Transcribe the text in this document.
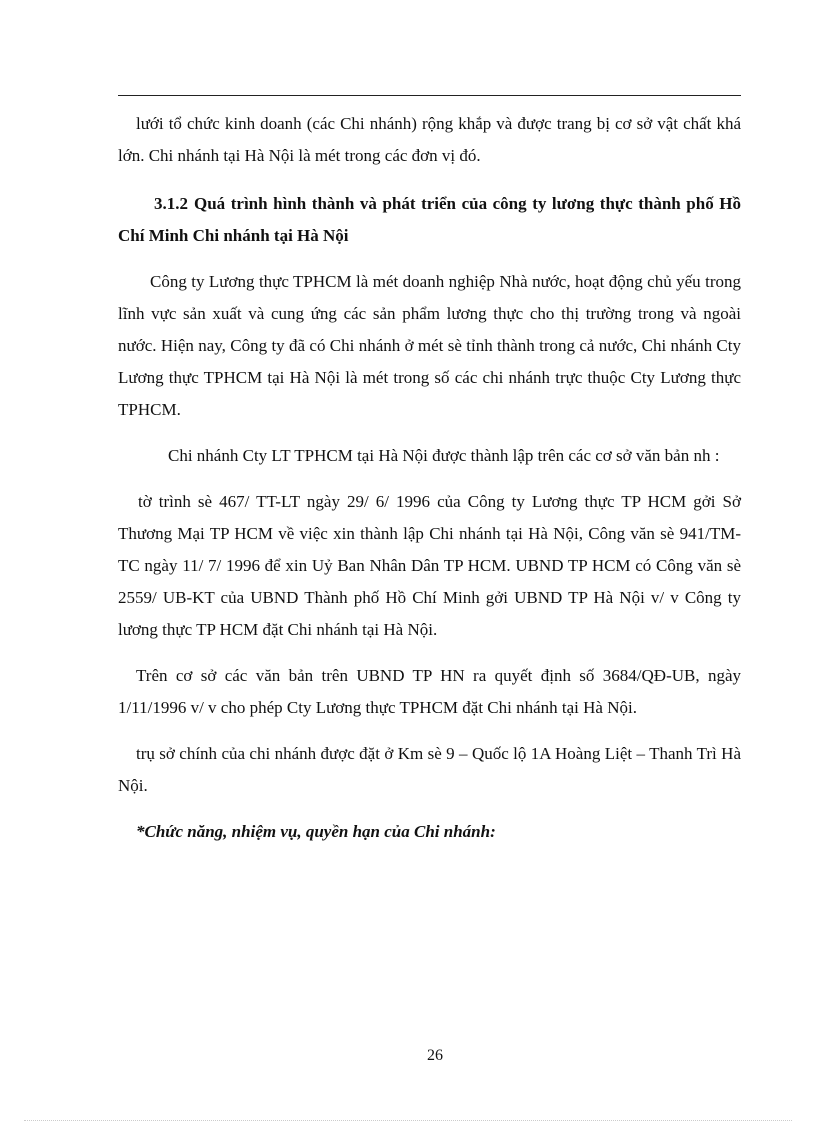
lưới tổ chức kinh doanh (các Chi nhánh) rộng khắp và được trang bị cơ sở vật chất khá lớn. Chi nhánh tại Hà Nội là mét trong các đơn vị đó.

3.1.2 Quá trình hình thành và phát triển của công ty lương thực thành phố Hồ Chí Minh Chi nhánh tại Hà Nội

Công ty Lương thực TPHCM là mét doanh nghiệp Nhà nước, hoạt động chủ yếu trong lĩnh vực sản xuất và cung ứng các sản phẩm lương thực cho thị trường trong và ngoài nước. Hiện nay, Công ty đã có Chi nhánh ở mét sè tỉnh thành trong cả nước, Chi nhánh Cty Lương thực TPHCM tại Hà Nội là mét trong số các chi nhánh trực thuộc Cty Lương thực TPHCM.

Chi nhánh Cty LT TPHCM tại Hà Nội được thành lập trên các cơ sở văn bản nh :

tờ trình sè 467/ TT-LT ngày 29/ 6/ 1996 của Công ty Lương thực TP HCM gởi Sở Thương Mại TP HCM về việc xin thành lập Chi nhánh tại Hà Nội, Công văn sè 941/TM- TC ngày 11/ 7/ 1996 để xin Uỷ Ban Nhân Dân TP HCM. UBND TP HCM có Công văn sè 2559/ UB-KT của UBND Thành phố Hồ Chí Minh gởi UBND TP Hà Nội v/ v Công ty lương thực TP HCM đặt Chi nhánh tại Hà Nội.

Trên cơ sở các văn bản trên UBND TP HN ra quyết định số 3684/QĐ-UB, ngày 1/11/1996 v/ v cho phép Cty Lương thực TPHCM đặt Chi nhánh tại Hà Nội.

trụ sở chính của chi nhánh được đặt ở Km sè 9 – Quốc lộ 1A Hoàng Liệt – Thanh Trì Hà Nội.

*Chức năng, nhiệm vụ, quyền hạn của Chi nhánh:

26
